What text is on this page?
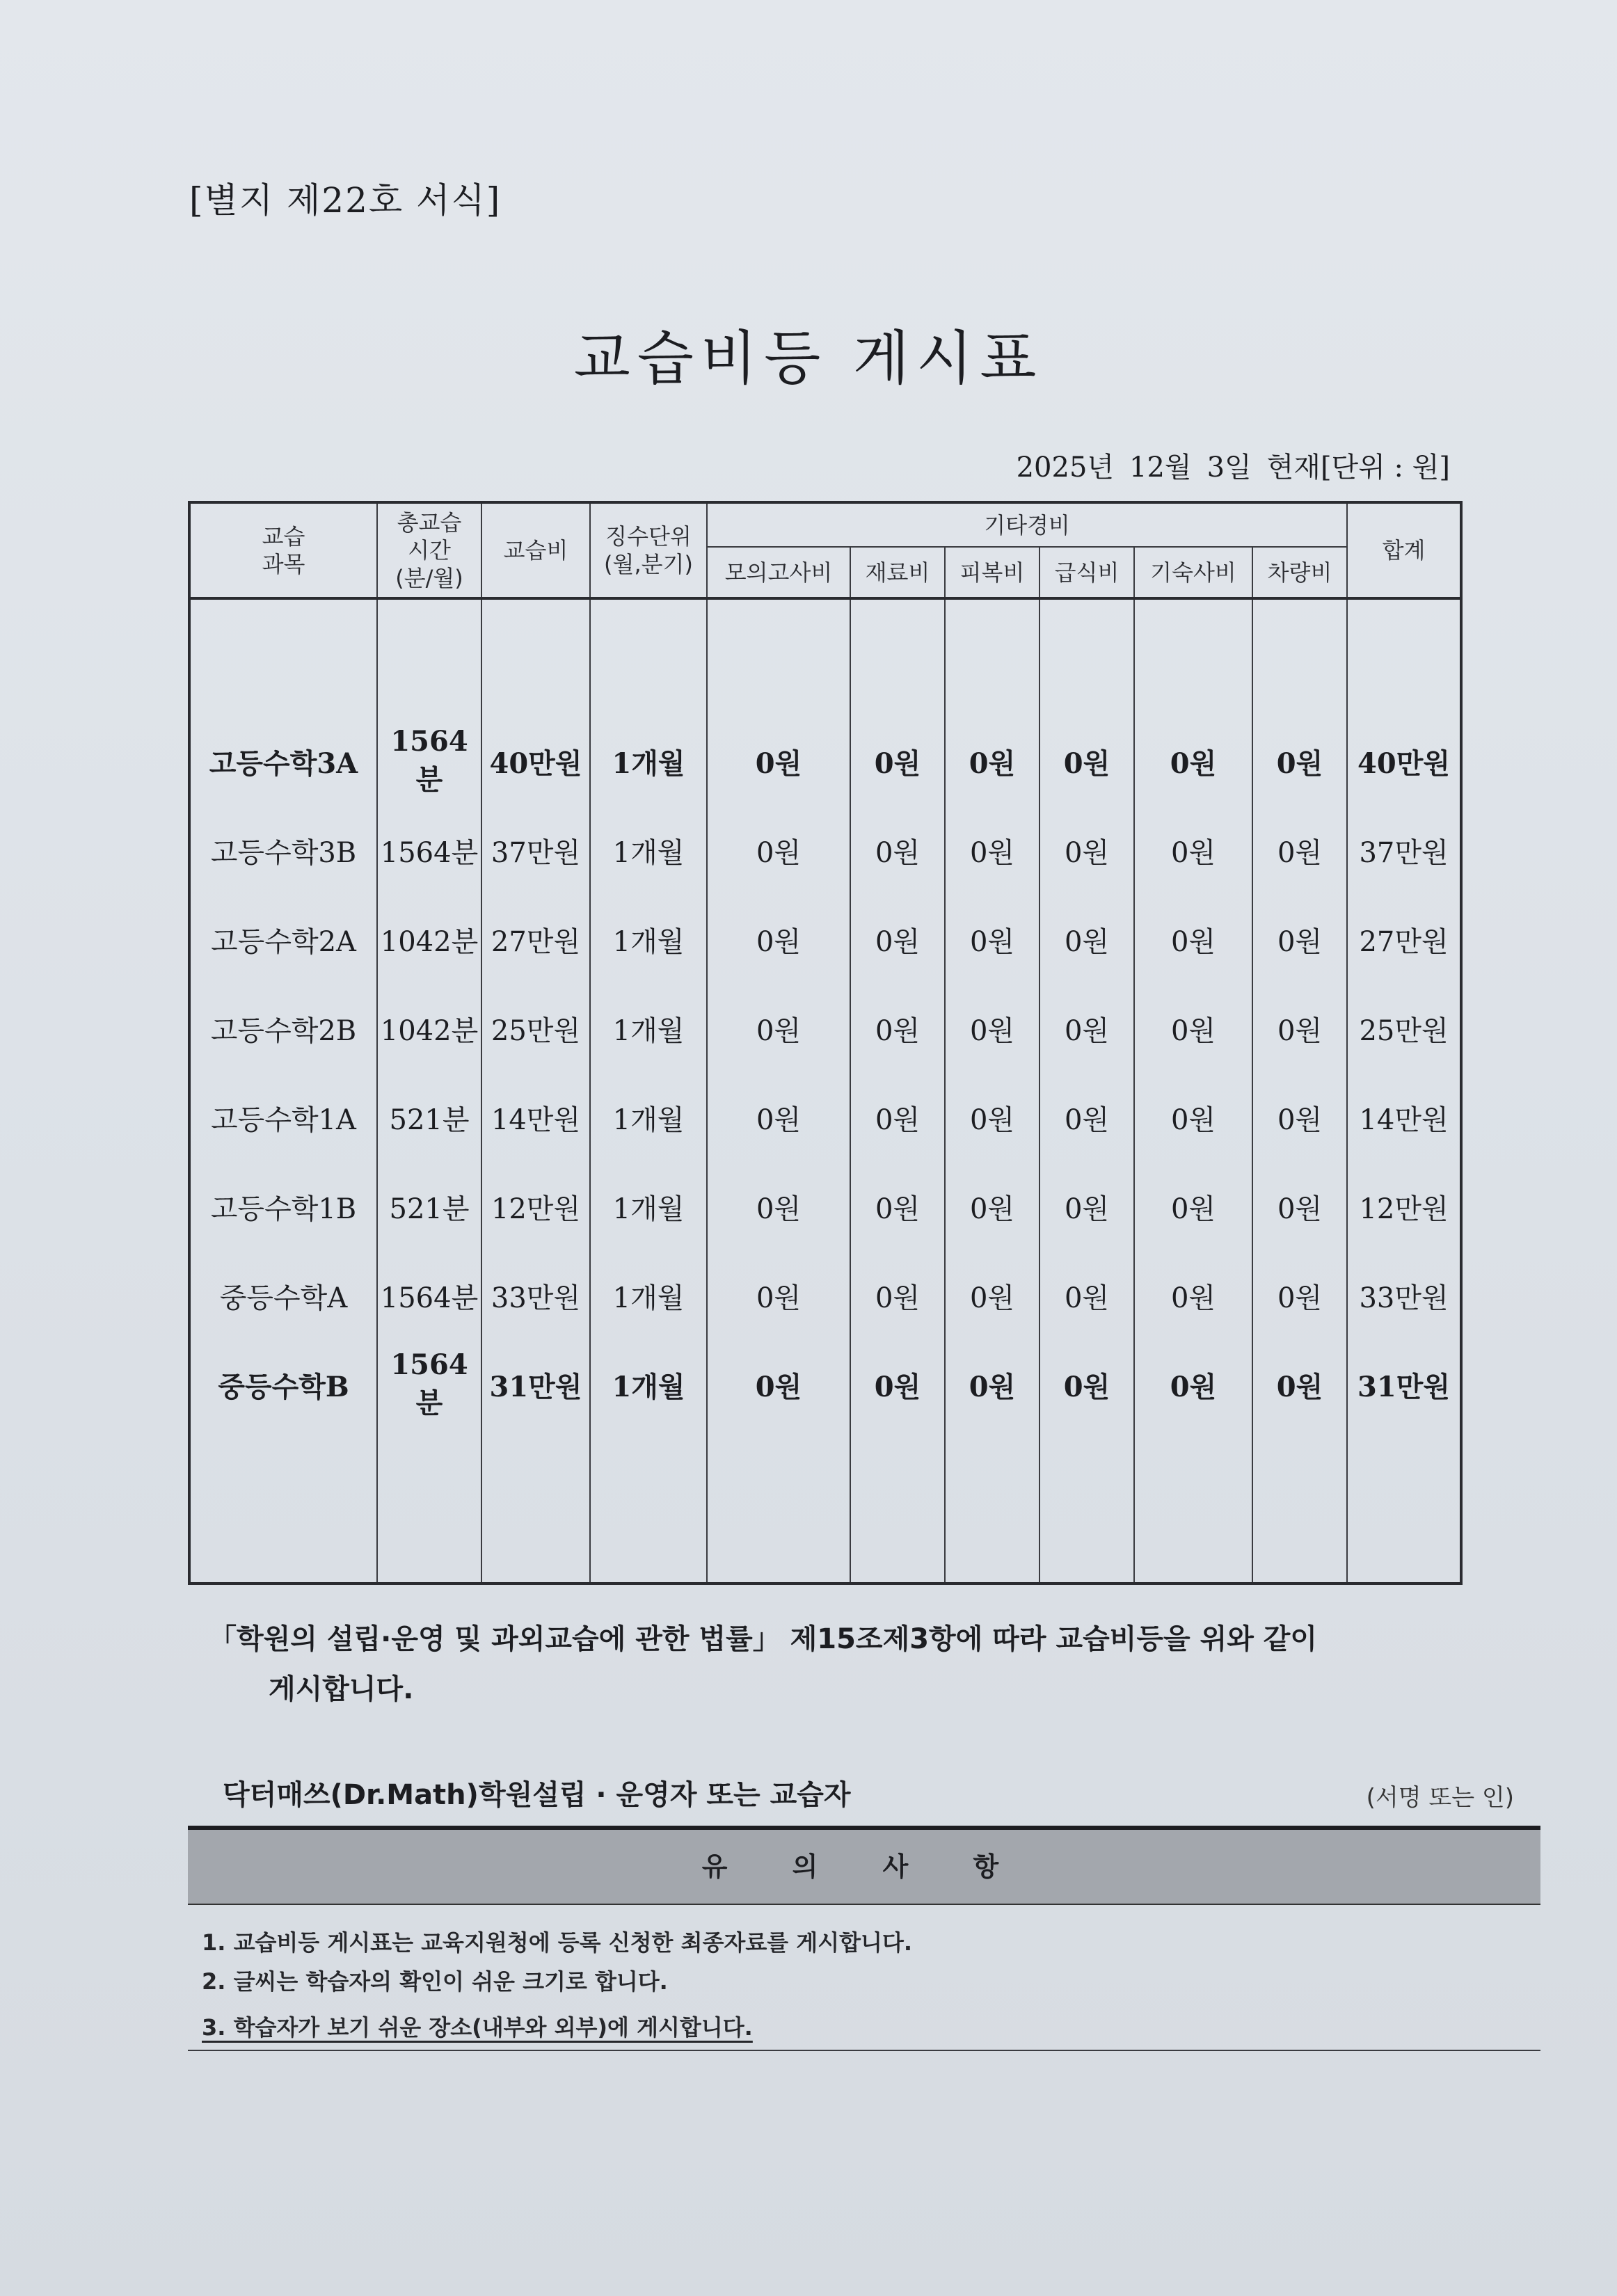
[별지 제22호 서식]
교습비등 게시표
2025년 12월 3일 현재[단위 : 원]
교습
과목	총교습
시간
(분/월)	교습비	징수단위
(월,분기)	기타경비						합계
				모의고사비	재료비	피복비	급식비	기숙사비	차량비	

고등수학3A	1564분	40만원	1개월	0원	0원	0원	0원	0원	0원	40만원
고등수학3B	1564분	37만원	1개월	0원	0원	0원	0원	0원	0원	37만원
고등수학2A	1042분	27만원	1개월	0원	0원	0원	0원	0원	0원	27만원
고등수학2B	1042분	25만원	1개월	0원	0원	0원	0원	0원	0원	25만원
고등수학1A	521분	14만원	1개월	0원	0원	0원	0원	0원	0원	14만원
고등수학1B	521분	12만원	1개월	0원	0원	0원	0원	0원	0원	12만원
중등수학A	1564분	33만원	1개월	0원	0원	0원	0원	0원	0원	33만원
중등수학B	1564분	31만원	1개월	0원	0원	0원	0원	0원	0원	31만원

「학원의 설립·운영 및 과외교습에 관한 법률」 제15조제3항에 따라 교습비등을 위와 같이
게시합니다.
닥터매쓰(Dr.Math)학원설립 · 운영자 또는 교습자	(서명 또는 인)
유 의 사 항
1. 교습비등 게시표는 교육지원청에 등록 신청한 최종자료를 게시합니다.
2. 글씨는 학습자의 확인이 쉬운 크기로 합니다.
3. 학습자가 보기 쉬운 장소(내부와 외부)에 게시합니다.
